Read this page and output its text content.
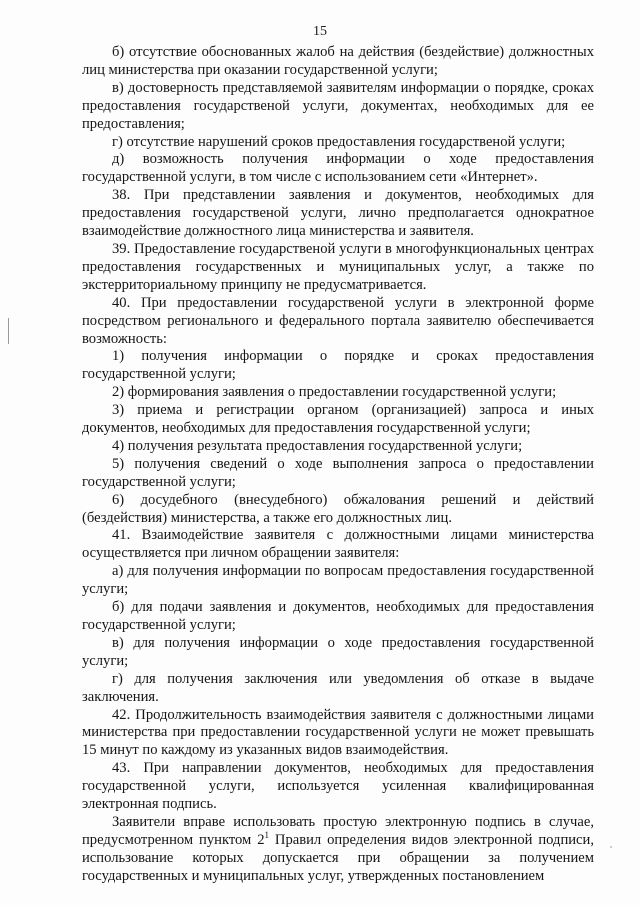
15

б) отсутствие обоснованных жалоб на действия (бездействие) должностных лиц министерства при оказании государственной услуги;

в) достоверность представляемой заявителям информации о порядке, сроках предоставления государственой услуги, документах, необходимых для ее предоставления;

г) отсутствие нарушений сроков предоставления государственой услуги;

д) возможность получения информации о ходе предоставления государственной услуги, в том числе с использованием сети «Интернет».

38. При представлении заявления и документов, необходимых для предоставления государственой услуги, лично предполагается однократное взаимодействие должностного лица министерства и заявителя.

39. Предоставление государственой услуги в многофункциональных центрах предоставления государственных и муниципальных услуг, а также по экстерриториальному принципу не предусматривается.

40. При предоставлении государственой услуги в электронной форме посредством регионального и федерального портала заявителю обеспечивается возможность:

1) получения информации о порядке и сроках предоставления государственной услуги;

2) формирования заявления о предоставлении государственной услуги;

3) приема и регистрации органом (организацией) запроса и иных документов, необходимых для предоставления государственной услуги;

4) получения результата предоставления государственной услуги;

5) получения сведений о ходе выполнения запроса о предоставлении государственной услуги;

6) досудебного (внесудебного) обжалования решений и действий (бездействия) министерства, а также его должностных лиц.

41. Взаимодействие заявителя с должностными лицами министерства осуществляется при личном обращении заявителя:

а) для получения информации по вопросам предоставления государственной услуги;

б) для подачи заявления и документов, необходимых для предоставления государственной услуги;

в) для получения информации о ходе предоставления государственной услуги;

г) для получения заключения или уведомления об отказе в выдаче заключения.

42. Продолжительность взаимодействия заявителя с должностными лицами министерства при предоставлении государственной услуги не может превышать 15 минут по каждому из указанных видов взаимодействия.

43. При направлении документов, необходимых для предоставления государственной услуги, используется усиленная квалифицированная электронная подпись.

Заявители вправе использовать простую электронную подпись в случае, предусмотренном пунктом $2^1$ Правил определения видов электронной подписи, использование которых допускается при обращении за получением государственных и муниципальных услуг, утвержденных постановлением
